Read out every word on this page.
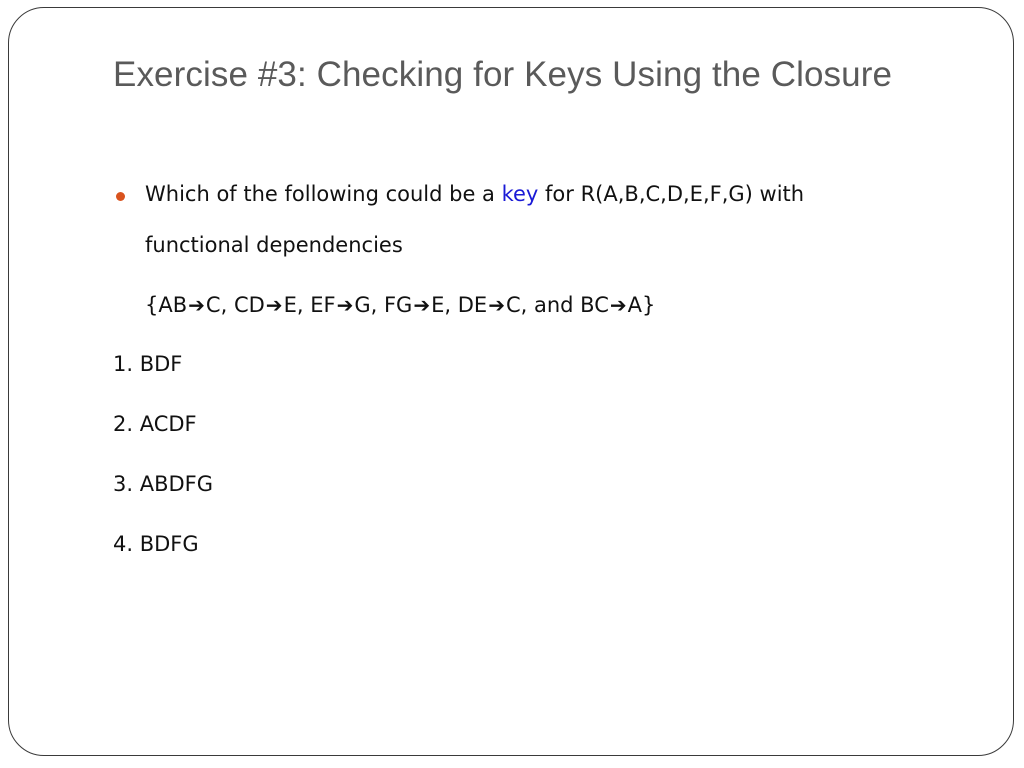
Exercise #3: Checking for Keys Using the Closure
Which of the following could be a key for R(A,B,C,D,E,F,G) with
functional dependencies
{AB➔C, CD➔E, EF➔G, FG➔E, DE➔C, and BC➔A}
1. BDF
2. ACDF
3. ABDFG
4. BDFG
